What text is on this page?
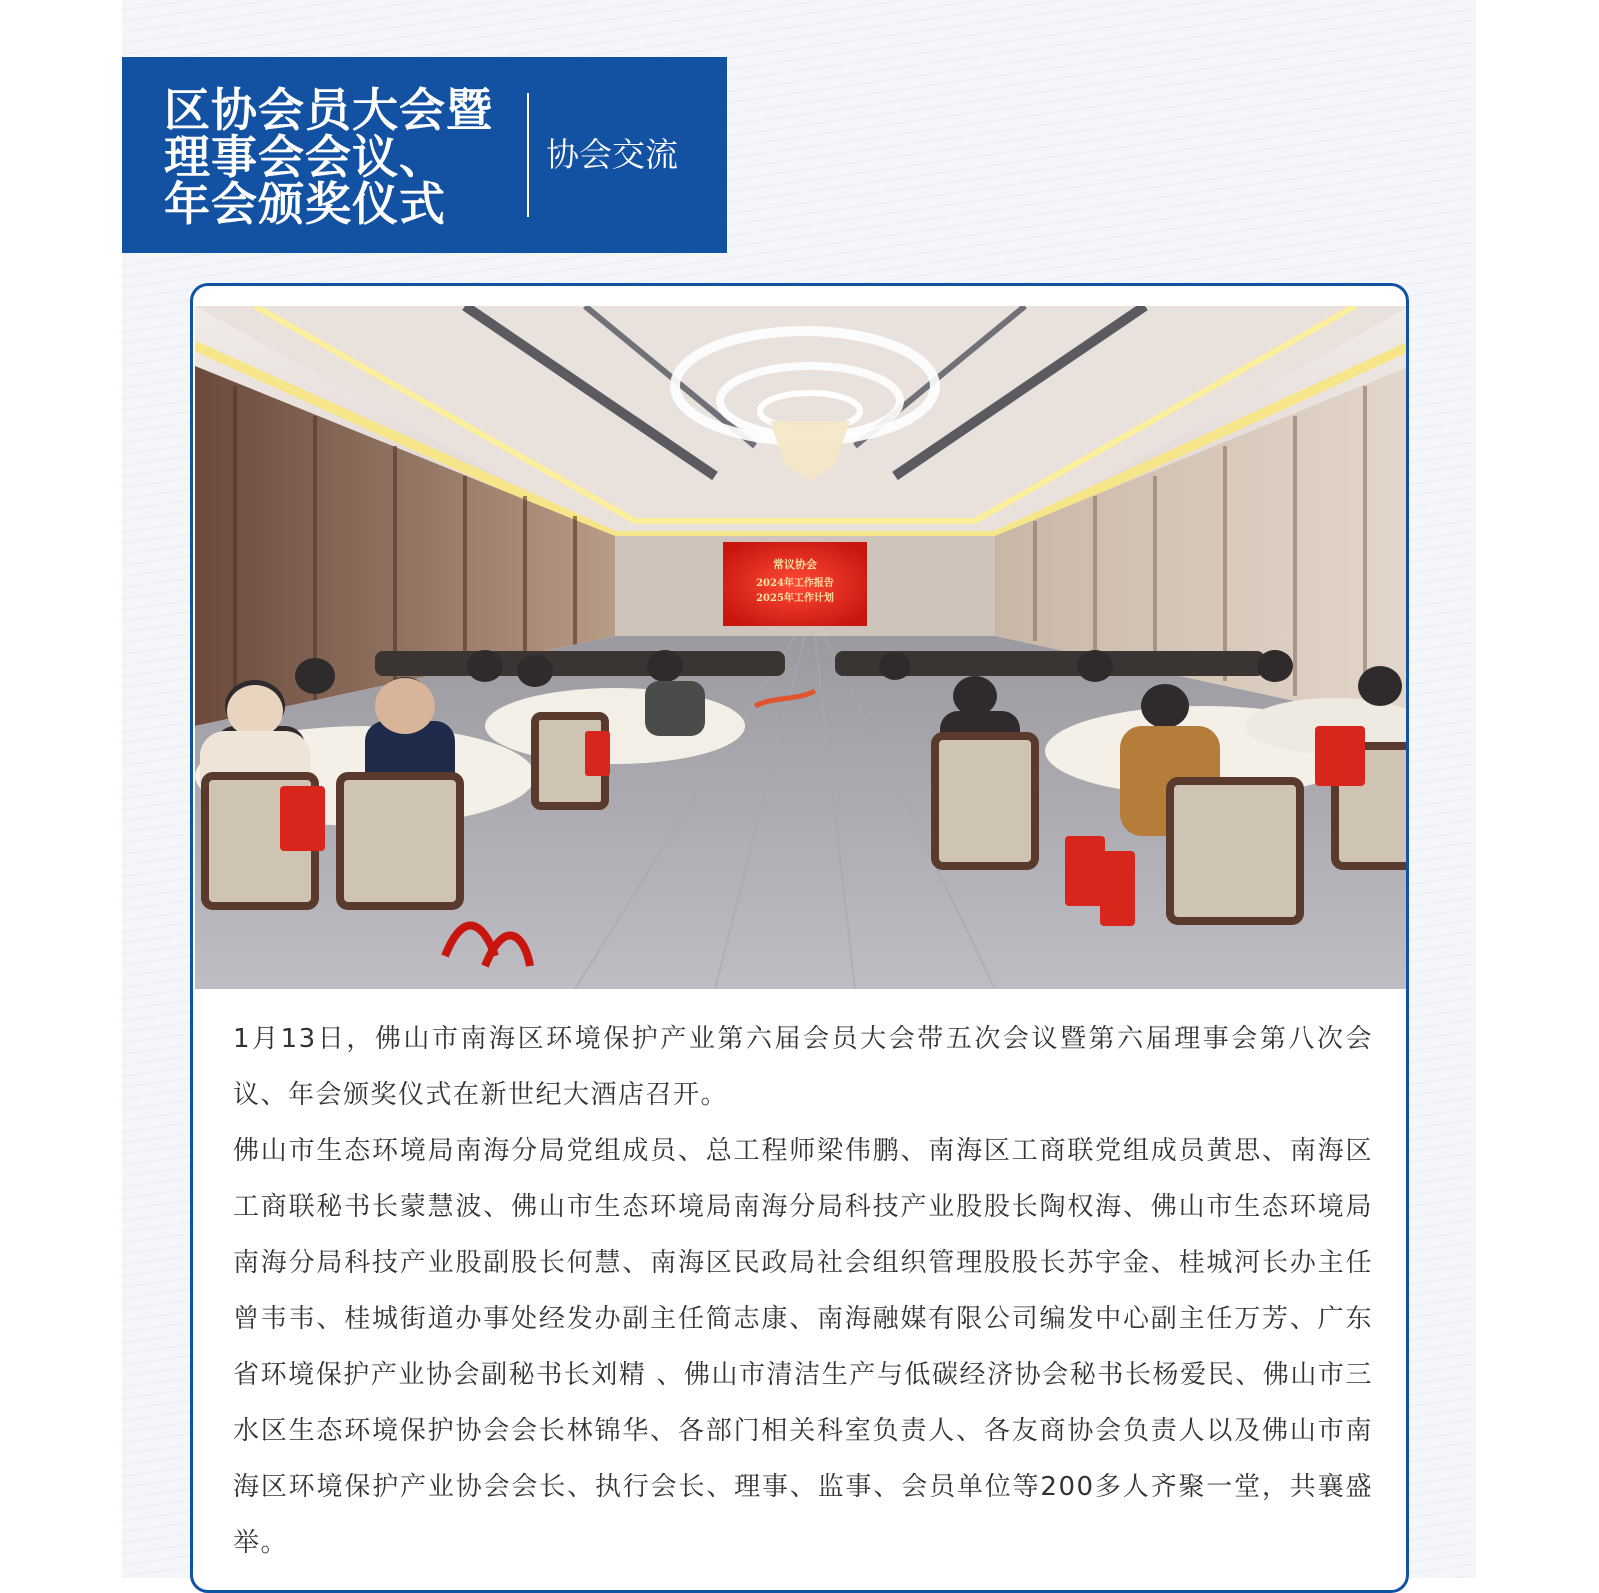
区协会员大会暨
理事会会议、
年会颁奖仪式
协会交流
常议协会
2024年工作报告
2025年工作计划

1月13日，佛山市南海区环境保护产业第六届会员大会带五次会议暨第六届理事会第八次会议、年会颁奖仪式在新世纪大酒店召开。

佛山市生态环境局南海分局党组成员、总工程师梁伟鹏、南海区工商联党组成员黄思、南海区工商联秘书长蒙慧波、佛山市生态环境局南海分局科技产业股股长陶权海、佛山市生态环境局南海分局科技产业股副股长何慧、南海区民政局社会组织管理股股长苏宇金、桂城河长办主任曾韦韦、桂城街道办事处经发办副主任简志康、南海融媒有限公司编发中心副主任万芳、广东省环境保护产业协会副秘书长刘精 、佛山市清洁生产与低碳经济协会秘书长杨爱民、佛山市三水区生态环境保护协会会长林锦华、各部门相关科室负责人、各友商协会负责人以及佛山市南海区环境保护产业协会会长、执行会长、理事、监事、会员单位等200多人齐聚一堂，共襄盛举。
